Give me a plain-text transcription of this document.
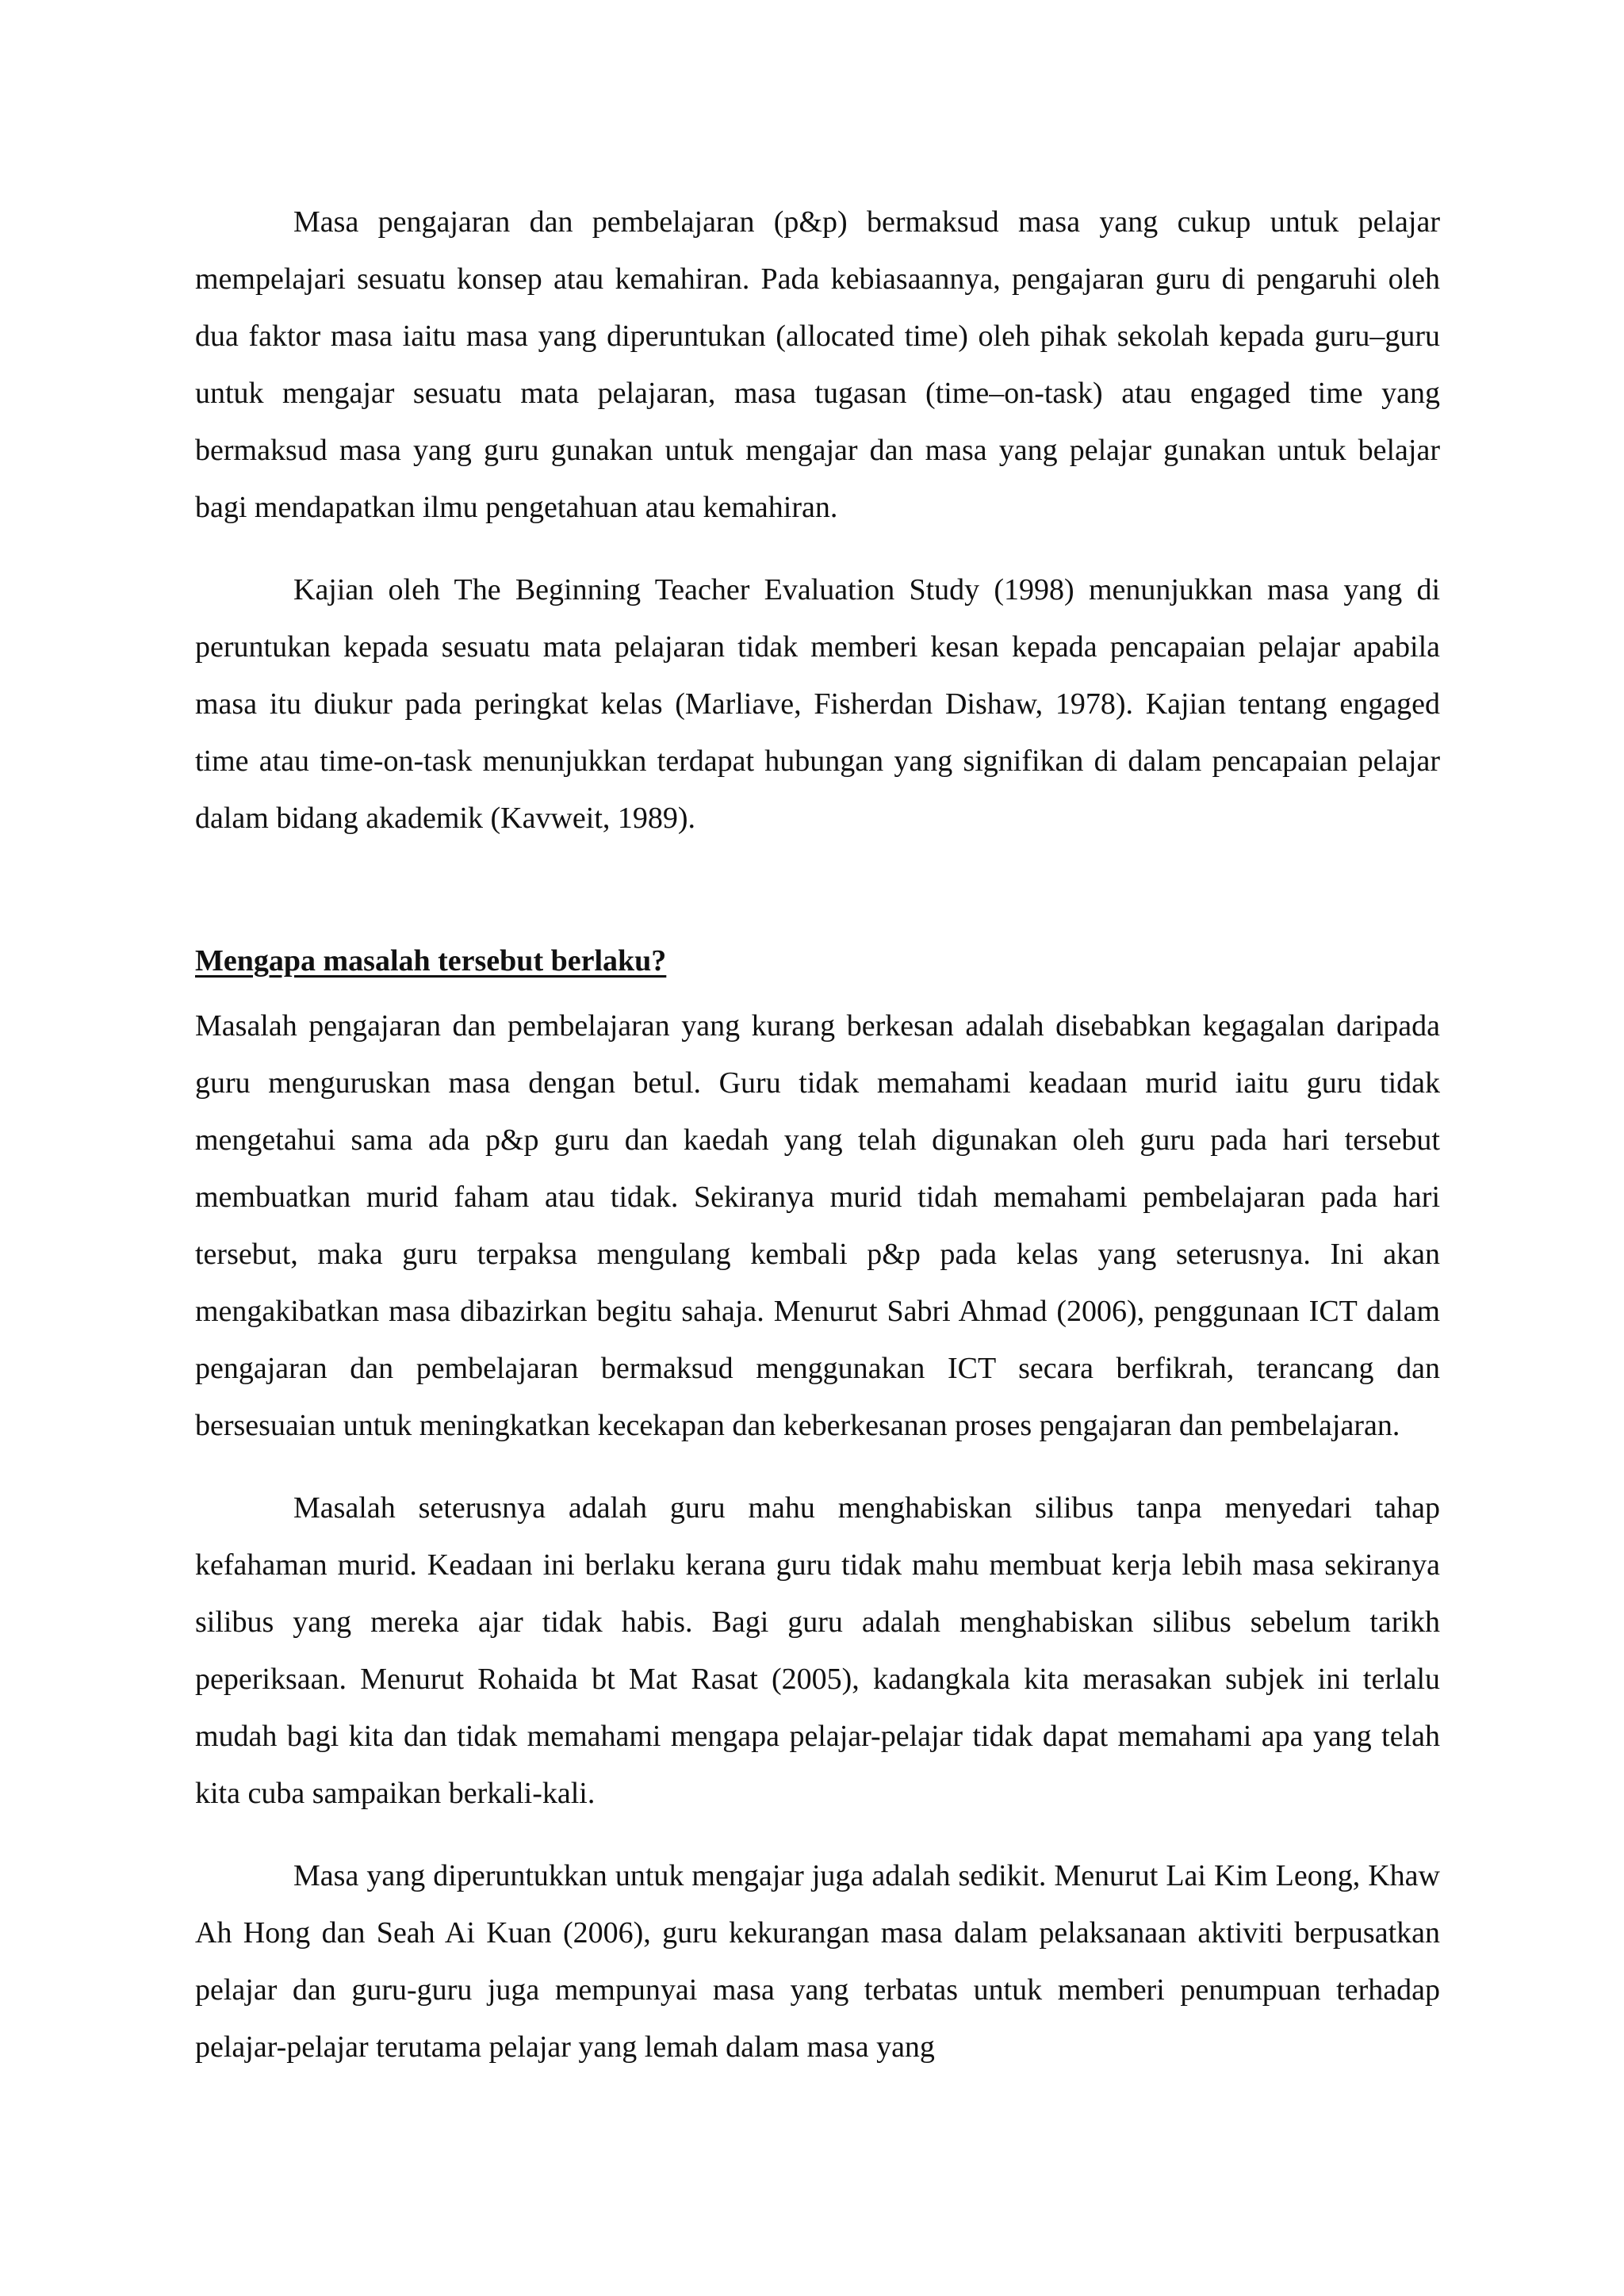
Masa pengajaran dan pembelajaran (p&p) bermaksud masa yang cukup untuk pelajar mempelajari sesuatu konsep atau kemahiran. Pada kebiasaannya, pengajaran guru di pengaruhi oleh dua faktor masa iaitu masa yang diperuntukan (allocated time) oleh pihak sekolah kepada guru–guru untuk mengajar sesuatu mata pelajaran, masa tugasan (time–on-task) atau engaged time yang bermaksud masa yang guru gunakan untuk mengajar dan masa yang pelajar gunakan untuk belajar bagi mendapatkan ilmu pengetahuan atau kemahiran.

Kajian oleh The Beginning Teacher Evaluation Study (1998) menunjukkan masa yang di peruntukan kepada sesuatu mata pelajaran tidak memberi kesan kepada pencapaian pelajar apabila masa itu diukur pada peringkat kelas (Marliave, Fisherdan Dishaw, 1978). Kajian tentang engaged time atau time-on-task menunjukkan terdapat hubungan yang signifikan di dalam pencapaian pelajar dalam bidang akademik (Kavweit, 1989).

Mengapa masalah tersebut berlaku?

Masalah pengajaran dan pembelajaran yang kurang berkesan adalah disebabkan kegagalan daripada guru menguruskan masa dengan betul. Guru tidak memahami keadaan murid iaitu guru tidak mengetahui sama ada p&p guru dan kaedah yang telah digunakan oleh guru pada hari tersebut membuatkan murid faham atau tidak. Sekiranya murid tidah memahami pembelajaran pada hari tersebut, maka guru terpaksa mengulang kembali p&p pada kelas yang seterusnya. Ini akan mengakibatkan masa dibazirkan begitu sahaja. Menurut Sabri Ahmad (2006), penggunaan ICT dalam pengajaran dan pembelajaran bermaksud menggunakan ICT secara berfikrah, terancang dan bersesuaian untuk meningkatkan kecekapan dan keberkesanan proses pengajaran dan pembelajaran.

Masalah seterusnya adalah guru mahu menghabiskan silibus tanpa menyedari tahap kefahaman murid. Keadaan ini berlaku kerana guru tidak mahu membuat kerja lebih masa sekiranya silibus yang mereka ajar tidak habis. Bagi guru adalah menghabiskan silibus sebelum tarikh peperiksaan. Menurut Rohaida bt Mat Rasat (2005), kadangkala kita merasakan subjek ini terlalu mudah bagi kita dan tidak memahami mengapa pelajar-pelajar tidak dapat memahami apa yang telah kita cuba sampaikan berkali-kali.

Masa yang diperuntukkan untuk mengajar juga adalah sedikit. Menurut Lai Kim Leong, Khaw Ah Hong dan Seah Ai Kuan (2006), guru kekurangan masa dalam pelaksanaan aktiviti berpusatkan pelajar dan guru-guru juga mempunyai masa yang terbatas untuk memberi penumpuan terhadap pelajar-pelajar terutama pelajar yang lemah dalam masa yang
